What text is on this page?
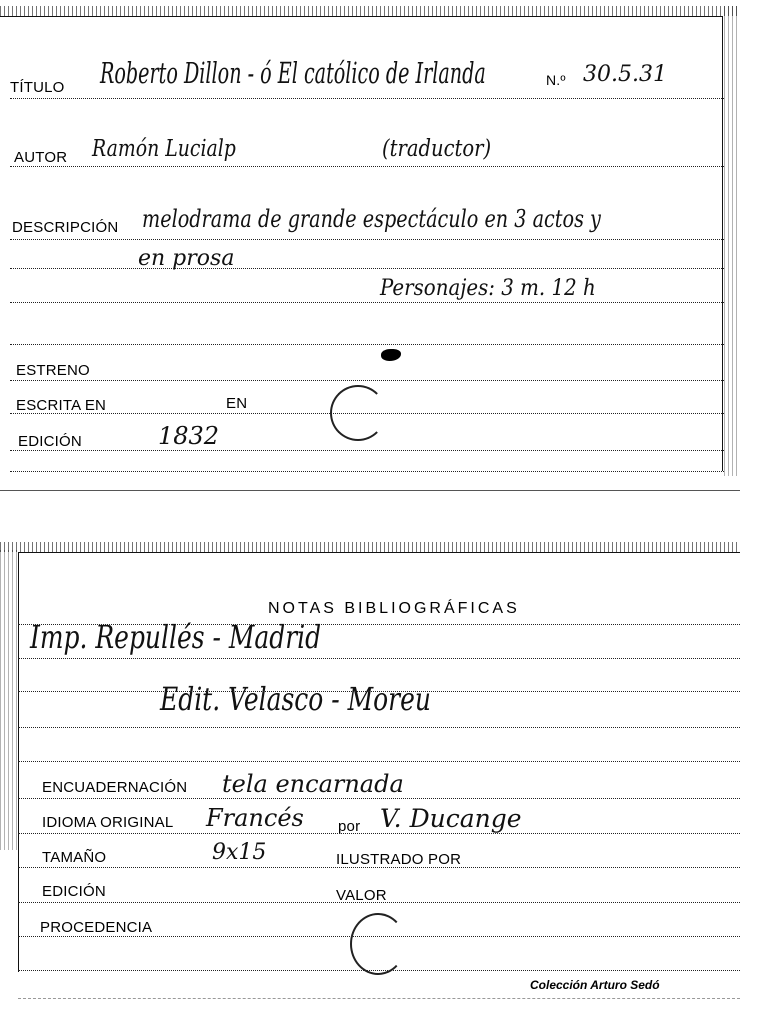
TÍTULO Roberto Dillon - ó El católico de Irlanda	N.º 30.5.31
AUTOR Ramón Lucialp	(traductor)
DESCRIPCIÓN melodrama de grande espectáculo en 3 actos y
en prosa
Personajes: 3 m. 12 h
ESTRENO
ESCRITA EN	EN
EDICIÓN	1832
NOTAS BIBLIOGRÁFICAS
Imp. Repullés - Madrid
Edit. Velasco - Moreu
ENCUADERNACIÓN tela encarnada
IDIOMA ORIGINAL Francés por V. Ducange
TAMAÑO	9x15	ILUSTRADO POR
EDICIÓN	VALOR
PROCEDENCIA
Colección Arturo Sedó
